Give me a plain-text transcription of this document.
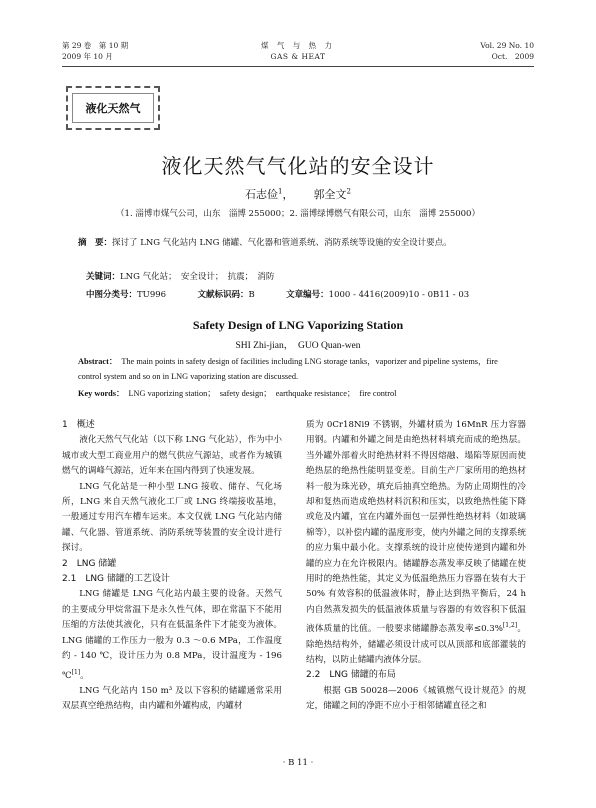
第 29 卷　第 10 期
2009 年 10 月
煤 气 与 热 力
GAS & HEAT
Vol. 29 No. 10
Oct.　2009
液化天然气
液化天然气气化站的安全设计
石志俭$^1$，　　 郭全文$^2$
（1. 淄博市煤气公司，山东　淄博 255000；2. 淄博绿博燃气有限公司，山东　淄博 255000）
摘　要：探讨了 LNG 气化站内 LNG 储罐、气化器和管道系统、消防系统等设施的安全设计要点。
关键词：LNG 气化站；　安全设计；　抗震；　消防
中图分类号：TU996	文献标识码：B	文章编号：1000 - 4416(2009)10 - 0B11 - 03
Safety Design of LNG Vaporizing Station
SHI Zhi-jian，　GUO Quan-wen
Abstract：　 The main points in safety design of facilities including LNG storage tanks，vaporizer and pipeline systems，fire control system and so on in LNG vaporizing station are discussed.
Key words：　 LNG vaporizing station；　safety design；　earthquake resistance；　fire control
1　概述

液化天然气气化站（以下称 LNG 气化站），作为中小城市或大型工商业用户的燃气供应气源站，或者作为城镇燃气的调峰气源站，近年来在国内得到了快速发展。

LNG 气化站是一种小型 LNG 接收、储存、气化场所，LNG 来自天然气液化工厂或 LNG 终端接收基地，一般通过专用汽车槽车运来。本文仅就 LNG 气化站内储罐、气化器、管道系统、消防系统等装置的安全设计进行探讨。

2　LNG 储罐
2.1　LNG 储罐的工艺设计

LNG 储罐是 LNG 气化站内最主要的设备。天然气的主要成分甲烷常温下是永久性气体，即在常温下不能用压缩的方法使其液化，只有在低温条件下才能变为液体。LNG 储罐的工作压力一般为 0.3 ～0.6 MPa，工作温度约 - 140 ℃，设计压力为 0.8 MPa，设计温度为 - 196 ℃[1]。

LNG 气化站内 150 m³ 及以下容积的储罐通常采用双层真空绝热结构，由内罐和外罐构成，内罐材

质为 0Cr18Ni9 不锈钢，外罐材质为 16MnR 压力容器用钢。内罐和外罐之间是由绝热材料填充而成的绝热层。当外罐外部着火时绝热材料不得因熔融、塌陷等原因而使绝热层的绝热性能明显变差。目前生产厂家所用的绝热材料一般为珠光砂，填充后抽真空绝热。为防止周期性的冷却和复热而造成绝热材料沉积和压实，以致绝热性能下降或危及内罐，宜在内罐外面包一层弹性绝热材料（如玻璃棉等），以补偿内罐的温度形变，使内外罐之间的支撑系统的应力集中最小化。支撑系统的设计应使传递到内罐和外罐的应力在允许极限内。储罐静态蒸发率反映了储罐在使用时的绝热性能，其定义为低温绝热压力容器在装有大于 50% 有效容积的低温液体时，静止达到热平衡后，24 h 内自然蒸发损失的低温液体质量与容器的有效容积下低温液体质量的比值。一般要求储罐静态蒸发率≤0.3%[1,2]。除绝热结构外，储罐必须设计成可以从顶部和底部灌装的结构，以防止储罐内液体分层。

2.2　LNG 储罐的布局

根据 GB 50028—2006《城镇燃气设计规范》的规定，储罐之间的净距不应小于相邻储罐直径之和

· B 11 ·
